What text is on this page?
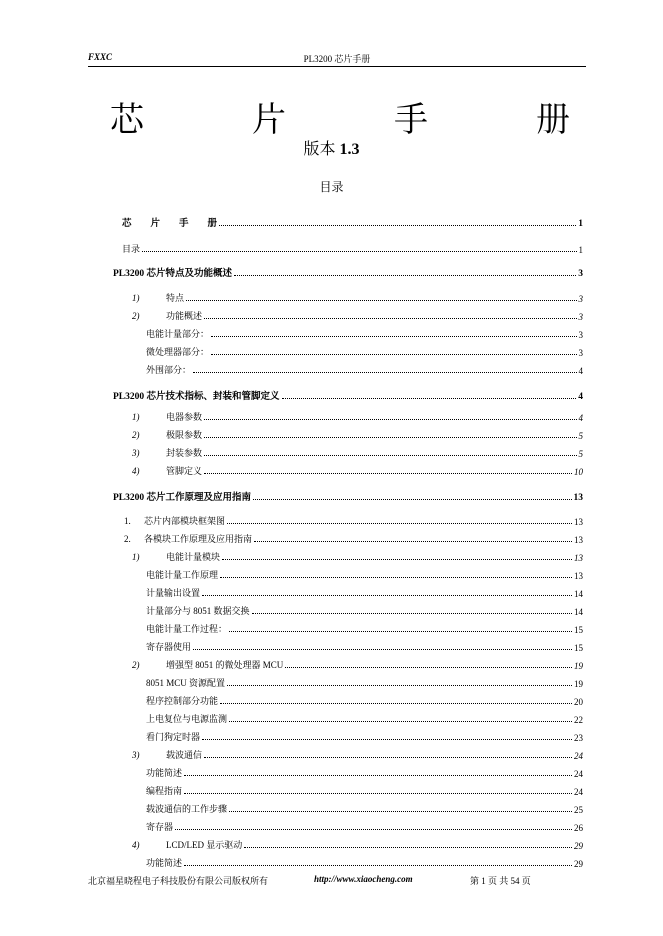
FXXC	PL3200 芯片手册
芯	片	手	册
版本 1.3
目录
芯　　片　　手　　册	1
目录	1
PL3200 芯片特点及功能概述	3
1)	特点	3
2)	功能概述	3
电能计量部分：	3
微处理器部分：	3
外围部分：	4
PL3200 芯片技术指标、封装和管脚定义	4
1)	电器参数	4
2)	极限参数	5
3)	封装参数	5
4)	管脚定义	10
PL3200 芯片工作原理及应用指南	13
1. 芯片内部模块框架图	13
2. 各模块工作原理及应用指南	13
1)	电能计量模块	13
电能计量工作原理	13
计量输出设置	14
计量部分与 8051 数据交换	14
电能计量工作过程：	15
寄存器使用	15
2)	增强型 8051 的微处理器 MCU	19
8051 MCU 资源配置	19
程序控制部分功能	20
上电复位与电源监测	22
看门狗定时器	23
3)	载波通信	24
功能简述	24
编程指南	24
载波通信的工作步骤	25
寄存器	26
4)	LCD/LED 显示驱动	29
功能简述	29
北京福星晓程电子科技股份有限公司版权所有	http://www.xiaocheng.com	第 1 页 共 54 页
